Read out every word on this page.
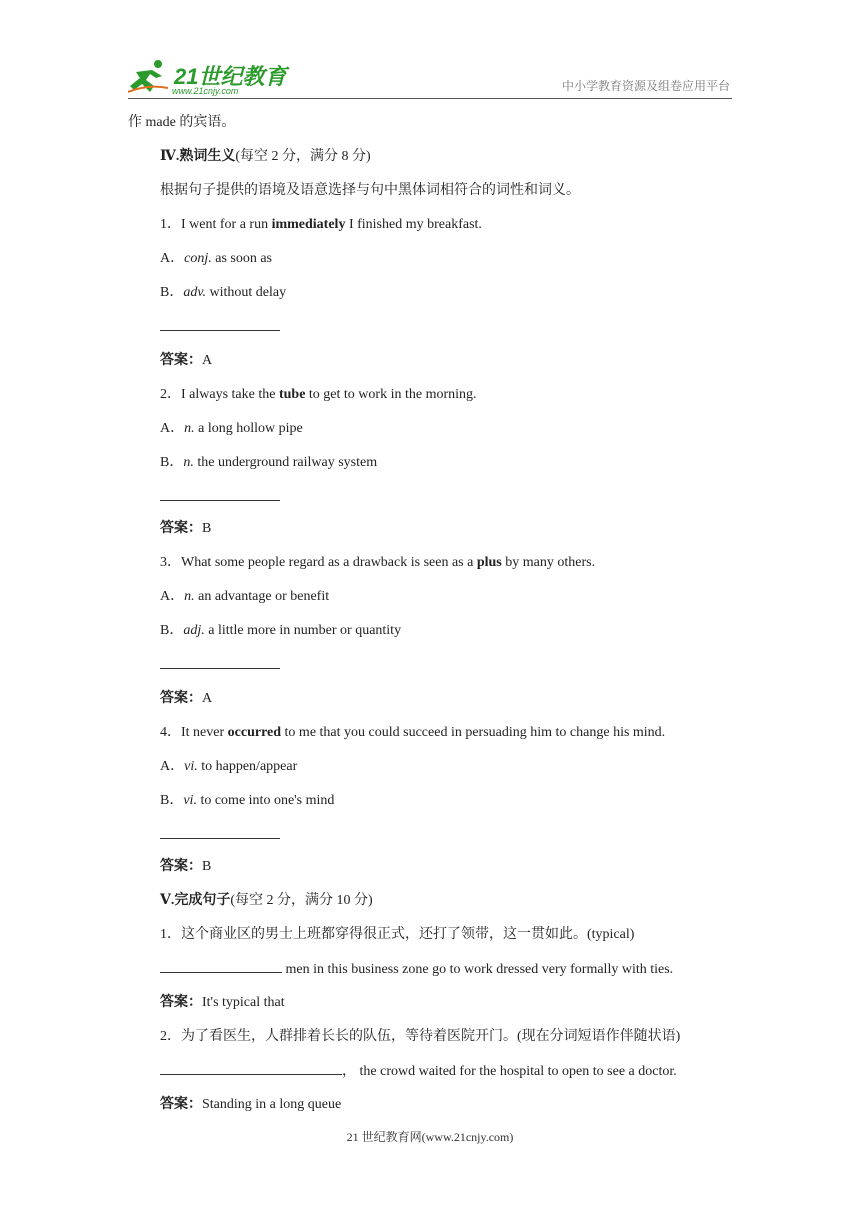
21世纪教育
www.21cnjy.com	中小学教育资源及组卷应用平台
作 made 的宾语。
Ⅳ.熟词生义(每空 2 分，满分 8 分)
根据句子提供的语境及语意选择与句中黑体词相符合的词性和词义。
1．I went for a run immediately I finished my breakfast.
A．conj. as soon as
B．adv. without delay
答案：A
2．I always take the tube to get to work in the morning.
A．n. a long hollow pipe
B．n. the underground railway system
答案：B
3．What some people regard as a drawback is seen as a plus by many others.
A．n. an advantage or benefit
B．adj. a little more in number or quantity
答案：A
4．It never occurred to me that you could succeed in persuading him to change his mind.
A．vi. to happen/appear
B．vi. to come into one's mind
答案：B
Ⅴ.完成句子(每空 2 分，满分 10 分)
1．这个商业区的男士上班都穿得很正式，还打了领带，这一贯如此。(typical)
men in this business zone go to work dressed very formally with ties.
答案：It's typical that
2．为了看医生，人群排着长长的队伍，等待着医院开门。(现在分词短语作伴随状语)
， the crowd waited for the hospital to open to see a doctor.
答案：Standing in a long queue
21 世纪教育网(www.21cnjy.com)
